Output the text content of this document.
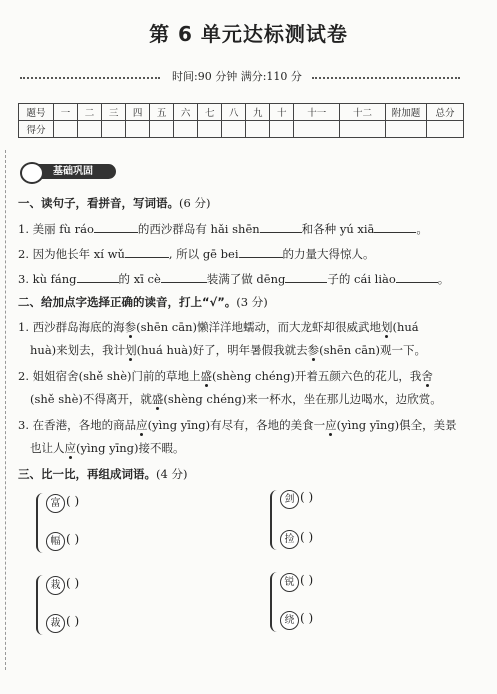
第 6 单元达标测试卷
时间:90 分钟 满分:110 分
题号	一	二	三	四	五	六	七	八	九	十	十一	十二	附加题	总分
得分														
基础巩固
一、读句子，看拼音，写词语。(6 分)
1. 美丽 fù ráo	的西沙群岛有 hǎi shēn	和各种 yú xiā	。
2. 因为他长年 xí wǔ	, 所以 gē bei	的力量大得惊人。
3. kù fáng	的 xī cè	装满了做 dēng	子的 cái liào	。
二、给加点字选择正确的读音，打上“√”。(3 分)
1. 西沙群岛海底的海参(shēn cān)懒洋洋地蠕动，而大龙虾却很威武地划(huá
huà)来划去，我计划(huá huà)好了，明年暑假我就去参(shēn cān)观一下。
2. 姐姐宿舍(shě shè)门前的草地上盛(shèng chéng)开着五颜六色的花儿，我舍
(shě shè)不得离开，就盛(shèng chéng)来一杯水，坐在那儿边喝水，边欣赏。
3. 在香港，各地的商品应(yìng yīng)有尽有，各地的美食一应(yìng yīng)俱全，美景
也让人应(yìng yīng)接不暇。
三、比一比，再组成词语。(4 分)
富 ( )
幅 ( )
剑 ( )
捡 ( )
栽 ( )
裁 ( )
锐 ( )
绕 ( )
